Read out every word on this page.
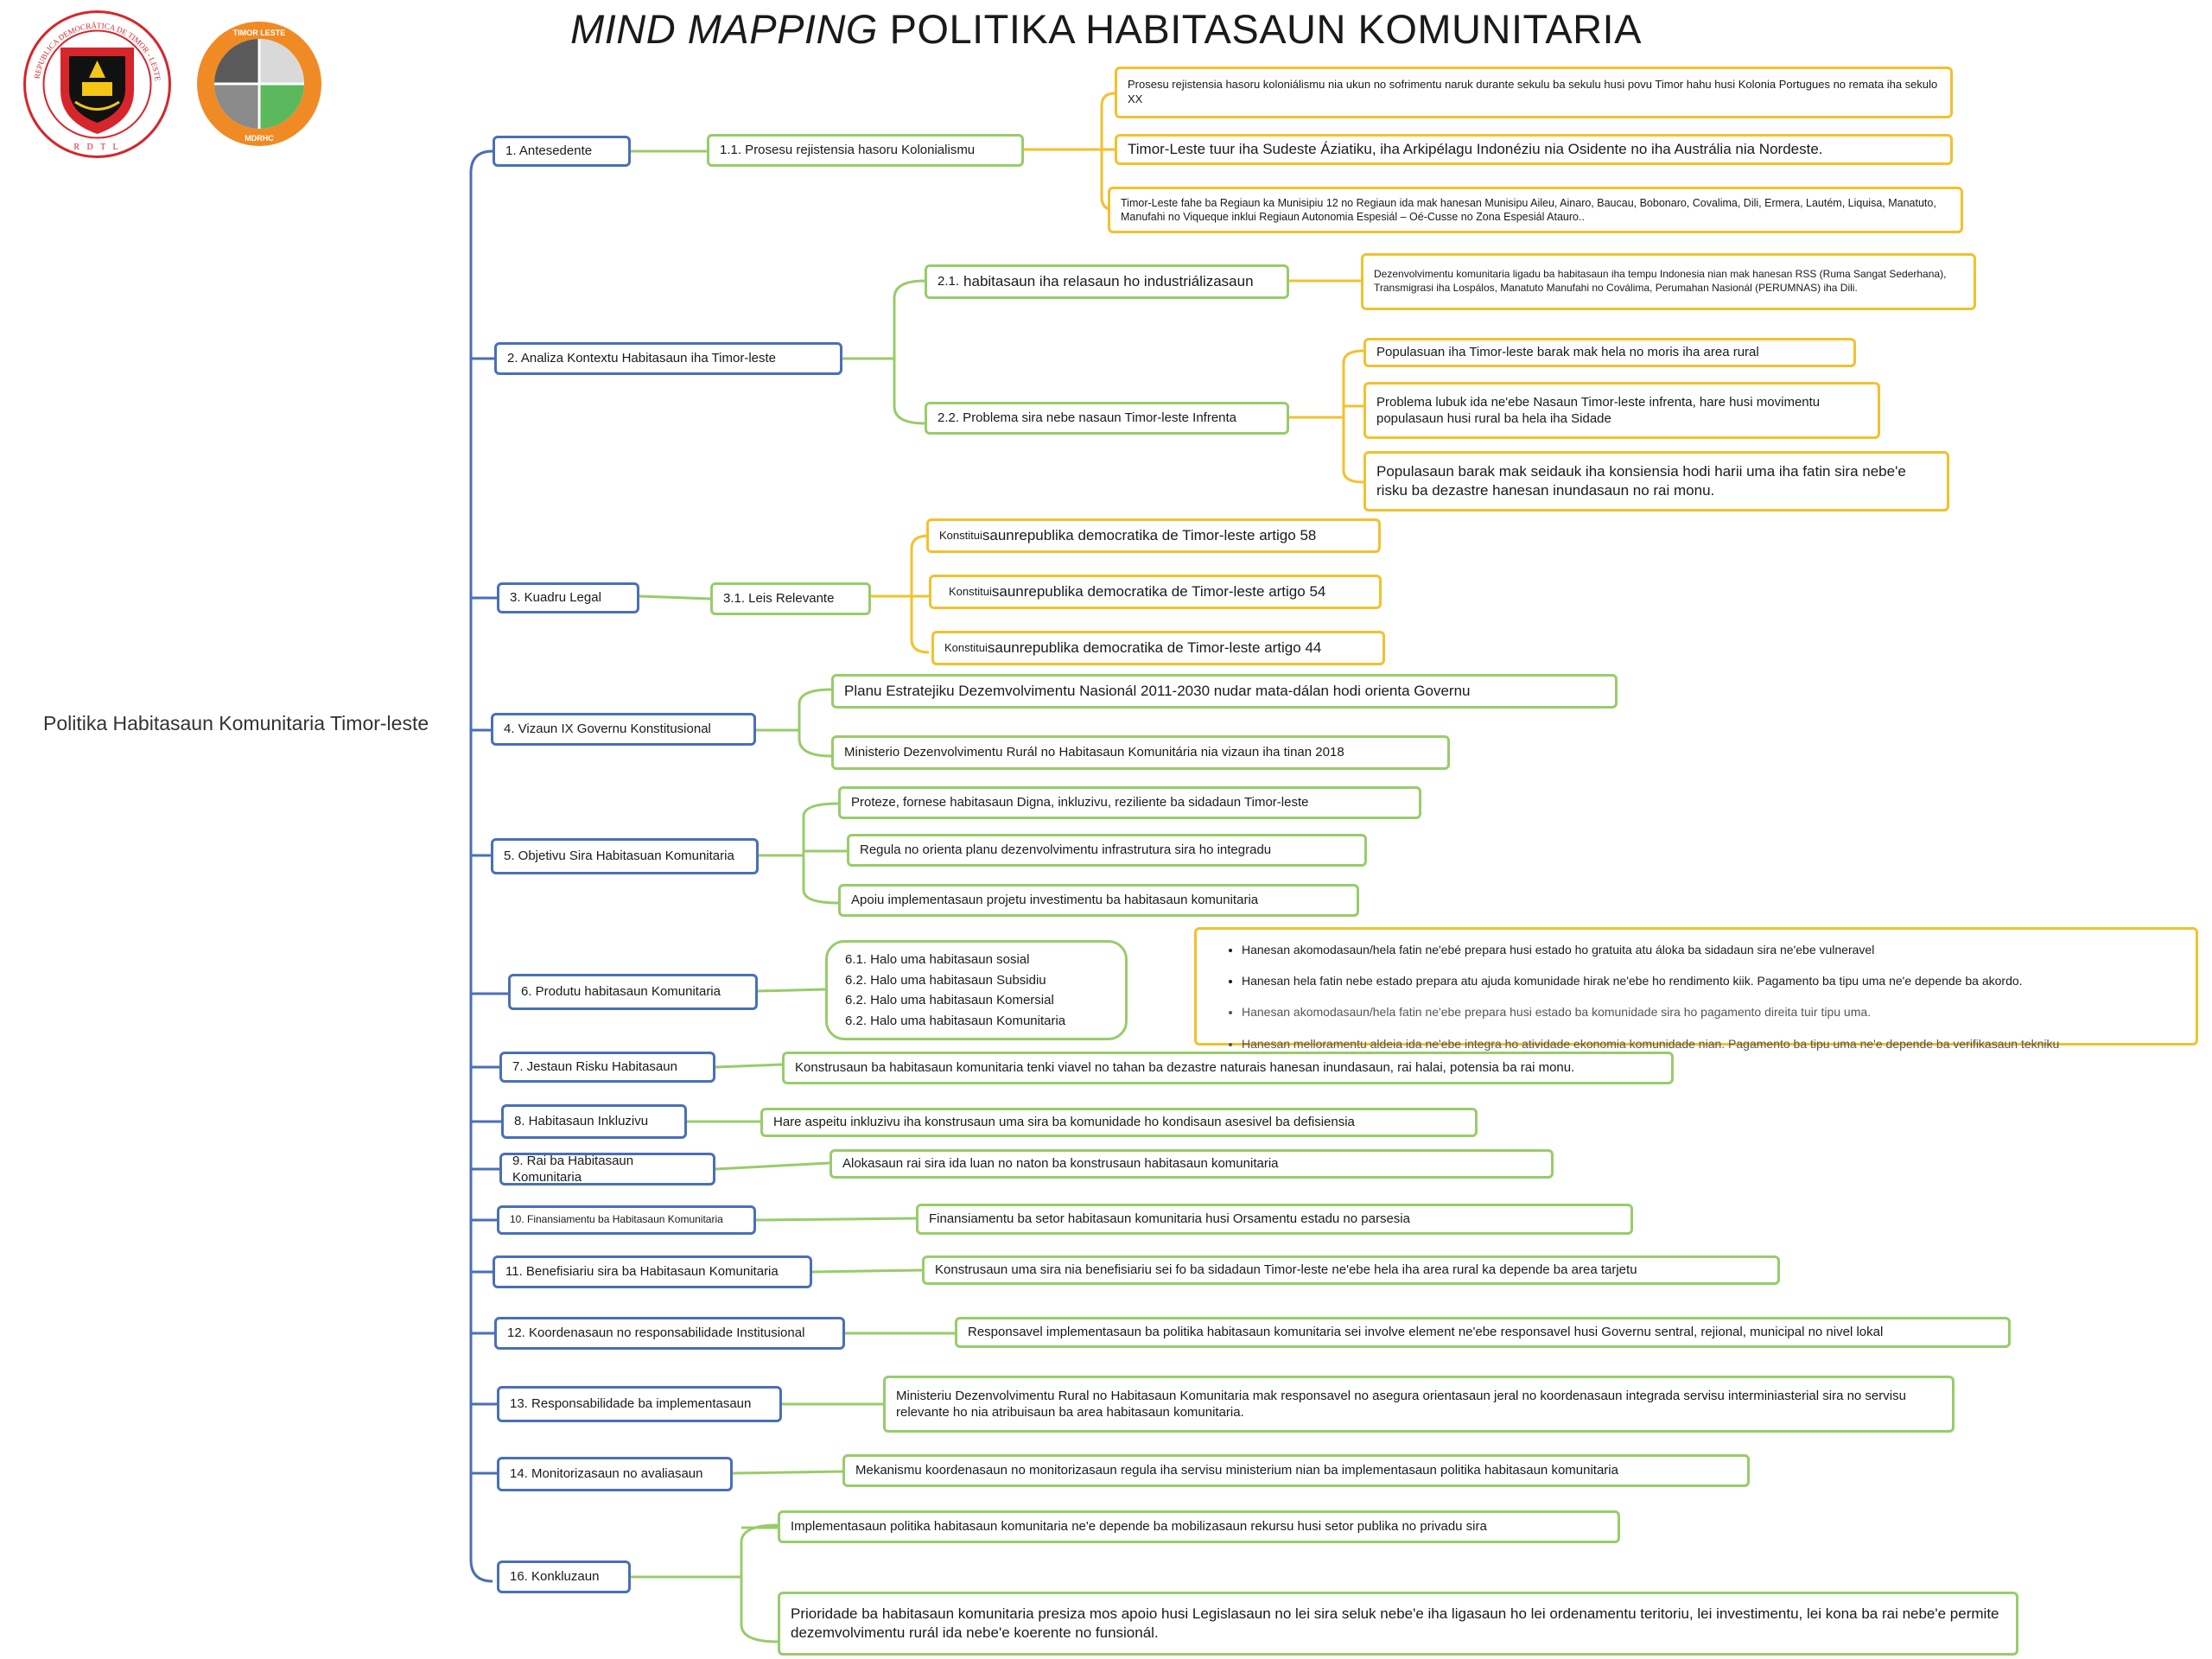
R D T L
REPUBLICA DEMOCRÁTICA DE TIMOR - LESTE
TIMOR LESTE
MDRHC
MIND MAPPING POLITIKA HABITASAUN KOMUNITARIA
Politika Habitasaun Komunitaria Timor-leste
1. Antesedente	1.1. Prosesu rejistensia hasoru Kolonialismu
Prosesu rejistensia hasoru koloniálismu nia ukun no sofrimentu naruk durante sekulu ba sekulu husi povu Timor hahu husi Kolonia Portugues no remata iha sekulo XX
Timor-Leste tuur iha Sudeste Áziatiku, iha Arkipélagu Indonéziu nia Osidente no iha Austrália nia Nordeste.
Timor-Leste fahe ba Regiaun ka Munisipiu 12 no Regiaun ida mak hanesan Munisipu Aileu, Ainaro, Baucau, Bobonaro, Covalima, Dili, Ermera, Lautém, Liquisa, Manatuto, Manufahi no Viqueque inklui Regiaun Autonomia Espesiál – Oé-Cusse no Zona Espesiál Atauro..
2. Analiza Kontextu Habitasaun iha Timor-leste
2.1. habitasaun iha relasaun ho industriálizasaun	Dezenvolvimentu komunitaria ligadu ba habitasaun iha tempu Indonesia nian mak hanesan RSS (Ruma Sangat Sederhana), Transmigrasi iha Lospálos, Manatuto Manufahi no Coválima, Perumahan Nasionál (PERUMNAS) iha Dili.
2.2. Problema sira nebe nasaun Timor-leste Infrenta
Populasuan iha Timor-leste barak mak hela no moris iha area rural
Problema lubuk ida ne'ebe Nasaun Timor-leste infrenta, hare husi movimentu populasaun husi rural ba hela iha Sidade
Populasaun barak mak seidauk iha konsiensia hodi harii uma iha fatin sira nebe'e risku ba dezastre hanesan inundasaun no rai monu.
3. Kuadru Legal	3.1. Leis Relevante
Konstitui saunrepublika democratika de Timor-leste artigo 58
Konstitui saunrepublika democratika de Timor-leste artigo 54
Konstitui saunrepublika democratika de Timor-leste artigo 44
4. Vizaun IX Governu Konstitusional
Planu Estratejiku Dezemvolvimentu Nasionál 2011-2030 nudar mata-dálan hodi orienta Governu
Ministerio Dezenvolvimentu Rurál no Habitasaun Komunitária nia vizaun iha tinan 2018
5. Objetivu Sira Habitasuan Komunitaria
Proteze, fornese habitasaun Digna, inkluzivu, reziliente ba sidadaun Timor-leste
Regula no orienta planu dezenvolvimentu infrastrutura sira ho integradu
Apoiu implementasaun projetu investimentu ba habitasaun komunitaria
6. Produtu habitasaun Komunitaria
6.1. Halo uma habitasaun sosial
6.2. Halo uma habitasaun Subsidiu
6.2. Halo uma habitasaun Komersial
6.2. Halo uma habitasaun Komunitaria
• Hanesan akomodasaun/hela fatin ne'ebé prepara husi estado ho gratuita atu áloka ba sidadaun sira ne'ebe vulneravel
• Hanesan hela fatin nebe estado prepara atu ajuda komunidade hirak ne'ebe ho rendimento kiik. Pagamento ba tipu uma ne'e depende ba akordo.
• Hanesan akomodasaun/hela fatin ne'ebe prepara husi estado ba komunidade sira ho pagamento direita tuir tipu uma.
• Hanesan melloramentu aldeia ida ne'ebe integra ho atividade ekonomia komunidade nian. Pagamento ba tipu uma ne'e depende ba verifikasaun tekniku
7. Jestaun Risku Habitasaun	Konstrusaun ba habitasaun komunitaria tenki viavel no tahan ba dezastre naturais hanesan inundasaun, rai halai, potensia ba rai monu.
8. Habitasaun Inkluzivu	Hare aspeitu inkluzivu iha konstrusaun uma sira ba komunidade ho kondisaun asesivel ba defisiensia
9. Rai ba Habitasaun Komunitaria
Alokasaun rai sira ida luan no naton ba konstrusaun habitasaun komunitaria
10. Finansiamentu ba Habitasaun Komunitaria	Finansiamentu ba setor habitasaun komunitaria husi Orsamentu estadu no parsesia
11. Benefisiariu sira ba Habitasaun Komunitaria	Konstrusaun uma sira nia benefisiariu sei fo ba sidadaun Timor-leste ne'ebe hela iha area rural ka depende ba area tarjetu
12. Koordenasaun no responsabilidade Institusional	Responsavel implementasaun ba politika habitasaun komunitaria sei involve element ne'ebe responsavel husi Governu sentral, rejional, municipal no nivel lokal
13. Responsabilidade ba implementasaun
Ministeriu Dezenvolvimentu Rural no Habitasaun Komunitaria mak responsavel no asegura orientasaun jeral no koordenasaun integrada servisu interminiasterial sira no servisu relevante ho nia atribuisaun ba area habitasaun komunitaria.
14. Monitorizasaun no avaliasaun	Mekanismu koordenasaun no monitorizasaun regula iha servisu ministerium nian ba implementasaun politika habitasaun komunitaria
16. Konkluzaun
Implementasaun politika habitasaun komunitaria ne'e depende ba mobilizasaun rekursu husi setor publika no privadu sira
Prioridade ba habitasaun komunitaria presiza mos apoio husi Legislasaun no lei sira seluk nebe'e iha ligasaun ho lei ordenamentu teritoriu, lei investimentu, lei kona ba rai nebe'e permite dezemvolvimentu rurál ida nebe'e koerente no funsionál.
